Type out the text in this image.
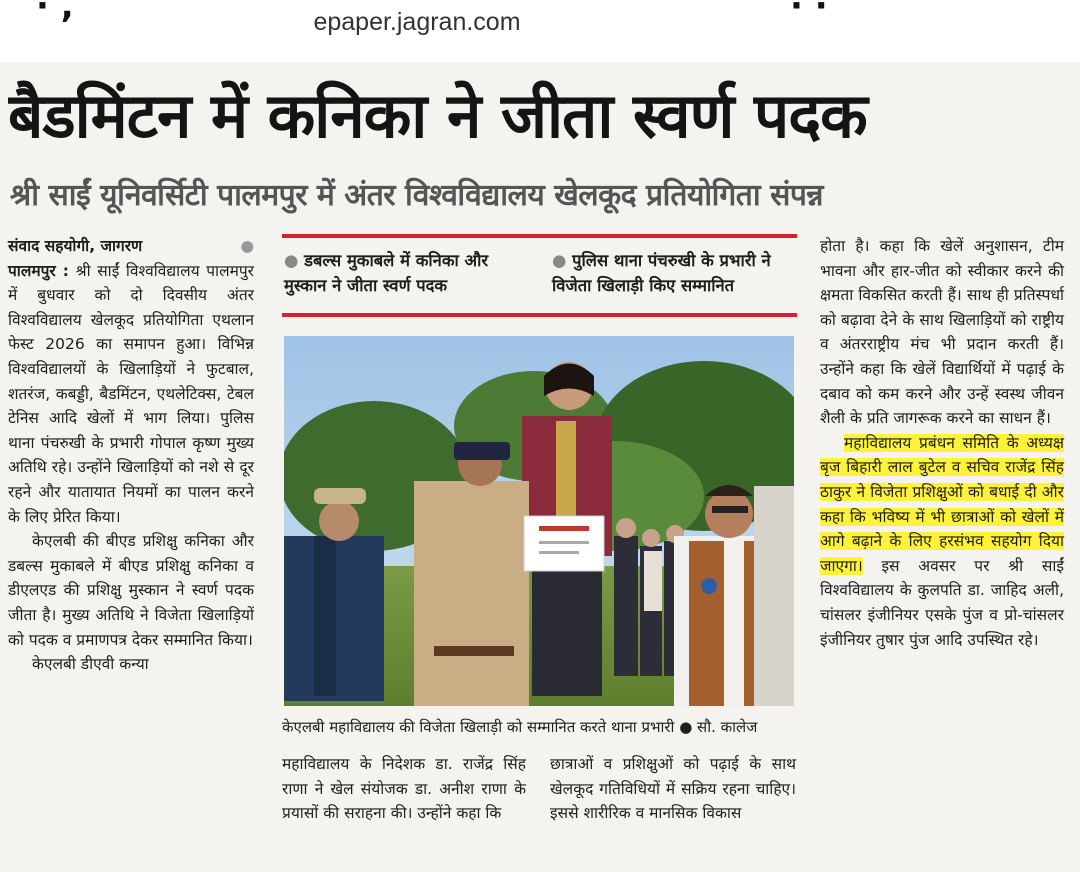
· ,	· ·
epaper.jagran.com
बैडमिंटन में कनिका ने जीता स्वर्ण पदक
श्री साईं यूनिवर्सिटी पालमपुर में अंतर विश्वविद्यालय खेलकूद प्रतियोगिता संपन्न

संवाद सहयोगी, जागरण	●

पालमपुर : श्री साईं विश्वविद्यालय पालमपुर में बुधवार को दो दिवसीय अंतर विश्वविद्यालय खेलकूद प्रतियोगिता एथलान फेस्ट 2026 का समापन हुआ। विभिन्न विश्वविद्यालयों के खिलाड़ियों ने फुटबाल, शतरंज, कबड्डी, बैडमिंटन, एथलेटिक्स, टेबल टेनिस आदि खेलों में भाग लिया। पुलिस थाना पंचरुखी के प्रभारी गोपाल कृष्ण मुख्य अतिथि रहे। उन्होंने खिलाड़ियों को नशे से दूर रहने और यातायात नियमों का पालन करने के लिए प्रेरित किया।

केएलबी की बीएड प्रशिक्षु कनिका और डबल्स मुकाबले में बीएड प्रशिक्षु कनिका व डीएलएड की प्रशिक्षु मुस्कान ने स्वर्ण पदक जीता है। मुख्य अतिथि ने विजेता खिलाड़ियों को पदक व प्रमाणपत्र देकर सम्मानित किया।

केएलबी डीएवी कन्या

● डबल्स मुकाबले में कनिका और मुस्कान ने जीता स्वर्ण पदक
● पुलिस थाना पंचरुखी के प्रभारी ने विजेता खिलाड़ी किए सम्मानित
केएलबी महाविद्यालय की विजेता खिलाड़ी को सम्मानित करते थाना प्रभारी ● सौ. कालेज

महाविद्यालय के निदेशक डा. राजेंद्र सिंह राणा ने खेल संयोजक डा. अनीश राणा के प्रयासों की सराहना की। उन्होंने कहा कि

छात्राओं व प्रशिक्षुओं को पढ़ाई के साथ खेलकूद गतिविधियों में सक्रिय रहना चाहिए। इससे शारीरिक व मानसिक विकास

होता है। कहा कि खेलें अनुशासन, टीम भावना और हार-जीत को स्वीकार करने की क्षमता विकसित करती हैं। साथ ही प्रतिस्पर्धा को बढ़ावा देने के साथ खिलाड़ियों को राष्ट्रीय व अंतरराष्ट्रीय मंच भी प्रदान करती हैं। उन्होंने कहा कि खेलें विद्यार्थियों में पढ़ाई के दबाव को कम करने और उन्हें स्वस्थ जीवन शैली के प्रति जागरूक करने का साधन हैं।

महाविद्यालय प्रबंधन समिति के अध्यक्ष बृज बिहारी लाल बुटेल व सचिव राजेंद्र सिंह ठाकुर ने विजेता प्रशिक्षुओं को बधाई दी और कहा कि भविष्य में भी छात्राओं को खेलों में आगे बढ़ाने के लिए हरसंभव सहयोग दिया जाएगा। इस अवसर पर श्री साईं विश्वविद्यालय के कुलपति डा. जाहिद अली, चांसलर इंजीनियर एसके पुंज व प्रो-चांसलर इंजीनियर तुषार पुंज आदि उपस्थित रहे।
